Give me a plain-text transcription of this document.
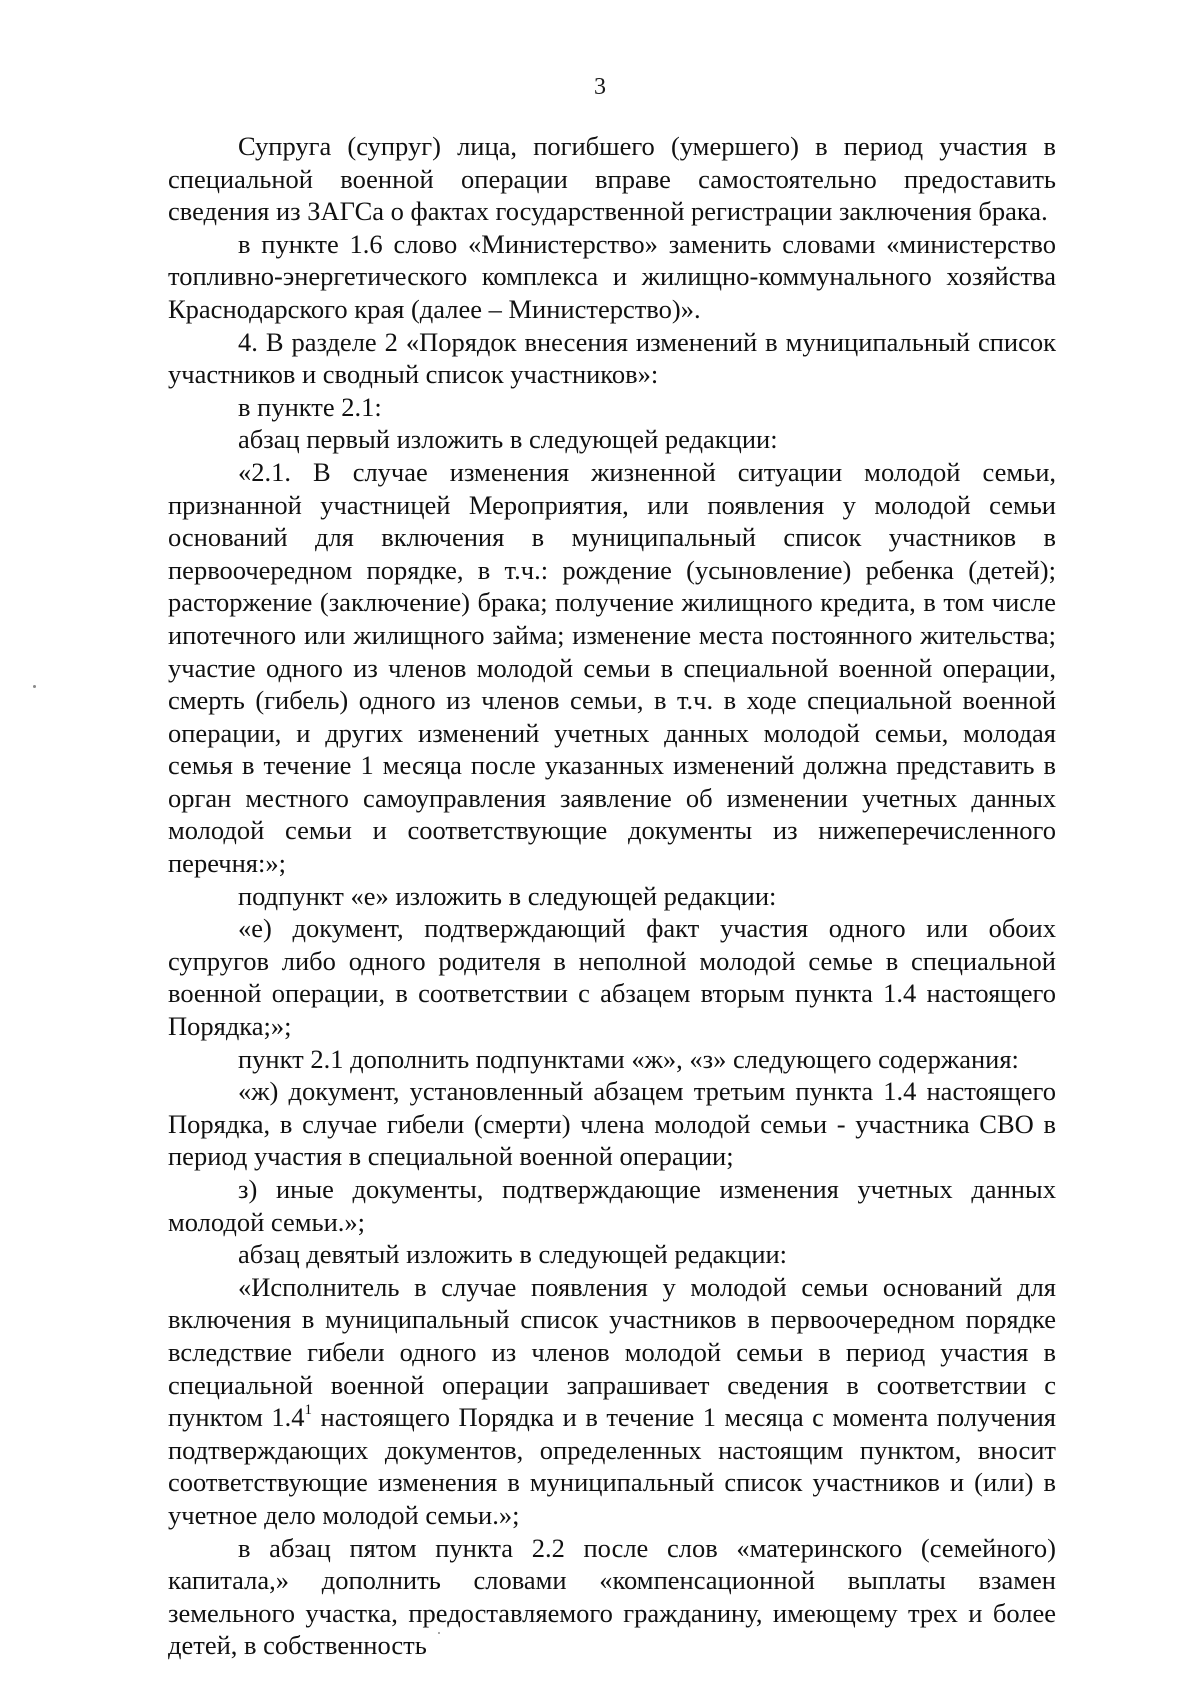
3

Супруга (супруг) лица, погибшего (умершего) в период участия в специальной военной операции вправе самостоятельно предоставить сведения из ЗАГСа о фактах государственной регистрации заключения брака.

в пункте 1.6 слово «Министерство» заменить словами «министерство топливно-энергетического комплекса и жилищно-коммунального хозяйства Краснодарского края (далее – Министерство)».

4. В разделе 2 «Порядок внесения изменений в муниципальный список участников и сводный список участников»:

в пункте 2.1:

абзац первый изложить в следующей редакции:

«2.1. В случае изменения жизненной ситуации молодой семьи, признанной участницей Мероприятия, или появления у молодой семьи оснований для включения в муниципальный список участников в первоочередном порядке, в т.ч.: рождение (усыновление) ребенка (детей); расторжение (заключение) брака; получение жилищного кредита, в том числе ипотечного или жилищного займа; изменение места постоянного жительства; участие одного из членов молодой семьи в специальной военной операции, смерть (гибель) одного из членов семьи, в т.ч. в ходе специальной военной операции, и других изменений учетных данных молодой семьи, молодая семья в течение 1 месяца после указанных изменений должна представить в орган местного самоуправления заявление об изменении учетных данных молодой семьи и соответствующие документы из нижеперечисленного перечня:»;

подпункт «е» изложить в следующей редакции:

«е) документ, подтверждающий факт участия одного или обоих супругов либо одного родителя в неполной молодой семье в специальной военной операции, в соответствии с абзацем вторым пункта 1.4 настоящего Порядка;»;

пункт 2.1 дополнить подпунктами «ж», «з» следующего содержания:

«ж) документ, установленный абзацем третьим пункта 1.4 настоящего Порядка, в случае гибели (смерти) члена молодой семьи - участника СВО в период участия в специальной военной операции;

з) иные документы, подтверждающие изменения учетных данных молодой семьи.»;

абзац девятый изложить в следующей редакции:

«Исполнитель в случае появления у молодой семьи оснований для включения в муниципальный список участников в первоочередном порядке вследствие гибели одного из членов молодой семьи в период участия в специальной военной операции запрашивает сведения в соответствии с пунктом $1.4^1$ настоящего Порядка и в течение 1 месяца с момента получения подтверждающих документов, определенных настоящим пунктом, вносит соответствующие изменения в муниципальный список участников и (или) в учетное дело молодой семьи.»;

в абзац пятом пункта 2.2 после слов «материнского (семейного) капитала,» дополнить словами «компенсационной выплаты взамен земельного участка, предоставляемого гражданину, имеющему трех и более детей, в собственность
